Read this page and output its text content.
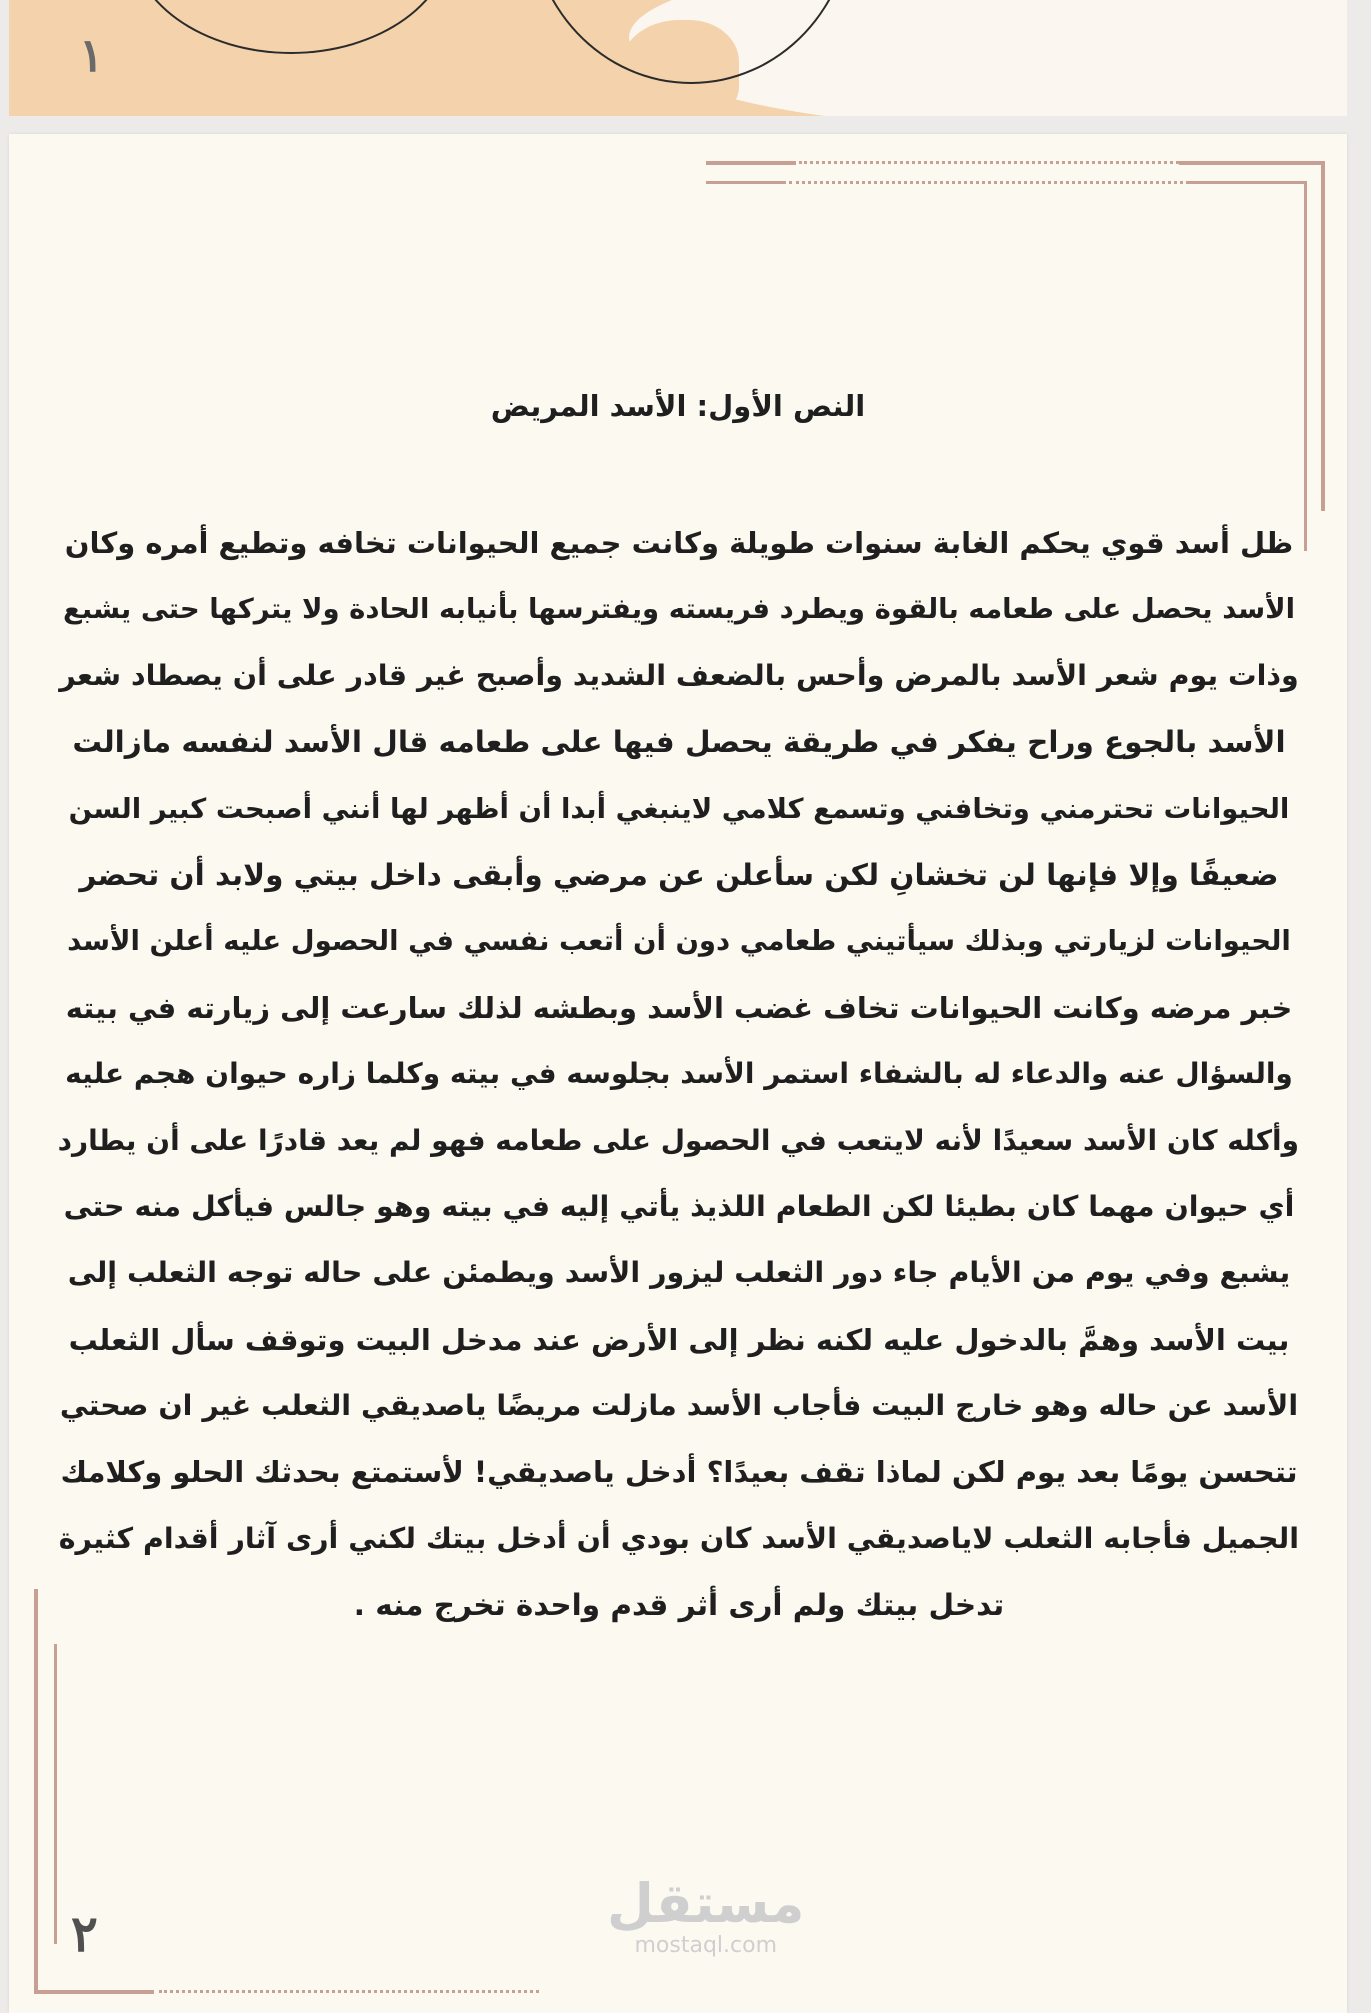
١
النص الأول: الأسد المريض
ظل أسد قوي يحكم الغابة سنوات طويلة وكانت جميع الحيوانات تخافه وتطيع أمره وكان
الأسد يحصل على طعامه بالقوة ويطرد فريسته ويفترسها بأنيابه الحادة ولا يتركها حتى يشبع
وذات يوم شعر الأسد بالمرض وأحس بالضعف الشديد وأصبح غير قادر على أن يصطاد شعر
الأسد بالجوع وراح يفكر في طريقة يحصل فيها على طعامه قال الأسد لنفسه مازالت
الحيوانات تحترمني وتخافني وتسمع كلامي لاينبغي أبدا أن أظهر لها أنني أصبحت كبير السن
ضعيفًا وإلا فإنها لن تخشانِ لكن سأعلن عن مرضي وأبقى داخل بيتي ولابد أن تحضر
الحيوانات لزيارتي وبذلك سيأتيني طعامي دون أن أتعب نفسي في الحصول عليه أعلن الأسد
خبر مرضه وكانت الحيوانات تخاف غضب الأسد وبطشه لذلك سارعت إلى زيارته في بيته
والسؤال عنه والدعاء له بالشفاء استمر الأسد بجلوسه في بيته وكلما زاره حيوان هجم عليه
وأكله كان الأسد سعيدًا لأنه لايتعب في الحصول على طعامه فهو لم يعد قادرًا على أن يطارد
أي حيوان مهما كان بطيئا لكن الطعام اللذيذ يأتي إليه في بيته وهو جالس فيأكل منه حتى
يشبع وفي يوم من الأيام جاء دور الثعلب ليزور الأسد ويطمئن على حاله توجه الثعلب إلى
بيت الأسد وهمَّ بالدخول عليه لكنه نظر إلى الأرض عند مدخل البيت وتوقف سأل الثعلب
الأسد عن حاله وهو خارج البيت فأجاب الأسد مازلت مريضًا ياصديقي الثعلب غير ان صحتي
تتحسن يومًا بعد يوم لكن لماذا تقف بعيدًا؟ أدخل ياصديقي! لأستمتع بحدثك الحلو وكلامك
الجميل فأجابه الثعلب لاياصديقي الأسد كان بودي أن أدخل بيتك لكني أرى آثار أقدام كثيرة
تدخل بيتك ولم أرى أثر قدم واحدة تخرج منه .
٢	مستقل
mostaql.com
